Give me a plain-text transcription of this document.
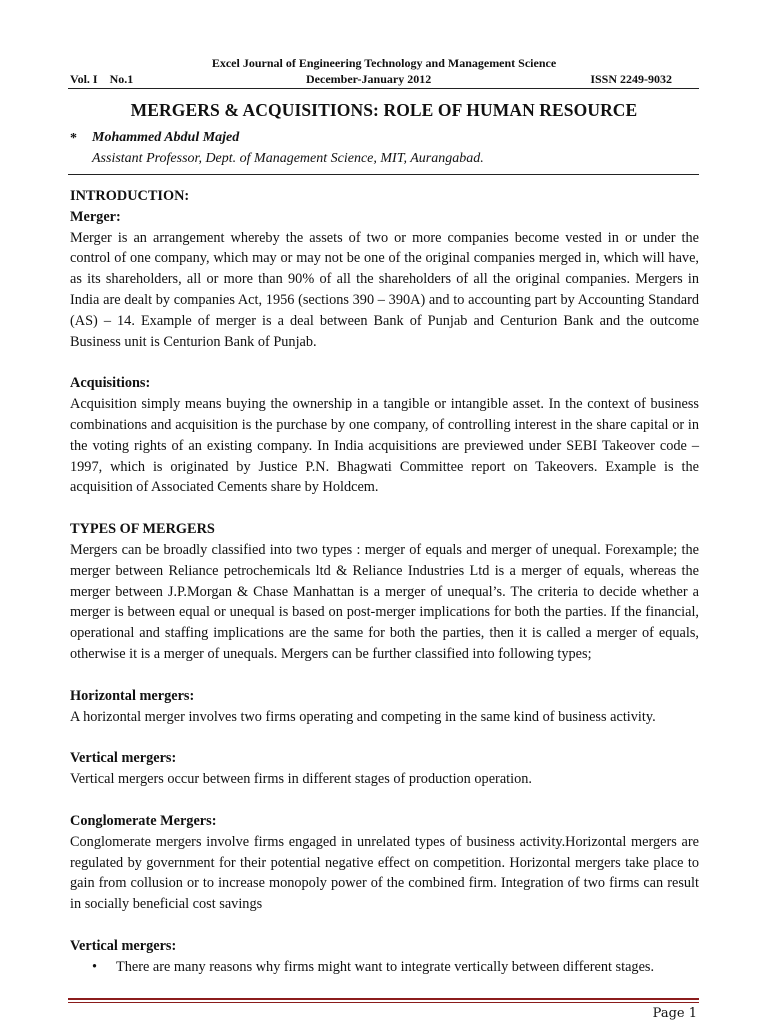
Excel Journal of Engineering Technology and Management Science
Vol. I    No.1	December-January 2012	ISSN 2249-9032
MERGERS & ACQUISITIONS: ROLE OF HUMAN RESOURCE
* Mohammed Abdul Majed
Assistant Professor, Dept. of Management Science, MIT, Aurangabad.

INTRODUCTION:

Merger:

Merger is an arrangement whereby the assets of two or more companies become vested in or under the control of one company, which may or may not be one of the original companies merged in, which will have, as its shareholders, all or more than 90% of all the shareholders of all the original companies. Mergers in India are dealt by companies Act, 1956 (sections 390 – 390A) and to accounting part by Accounting Standard (AS) – 14. Example of merger is a deal between Bank of Punjab and Centurion Bank and the outcome Business unit is Centurion Bank of Punjab.

Acquisitions:

Acquisition simply means buying the ownership in a tangible or intangible asset. In the context of business combinations and acquisition is the purchase by one company, of controlling interest in the share capital or in the voting rights of an existing company. In India acquisitions are previewed under SEBI Takeover code – 1997, which is originated by Justice P.N. Bhagwati Committee report on Takeovers. Example is the acquisition of Associated Cements share by Holdcem.

TYPES OF MERGERS

Mergers can be broadly classified into two types : merger of equals and merger of unequal. Forexample; the merger between Reliance petrochemicals ltd & Reliance Industries Ltd is a merger of equals, whereas the merger between J.P.Morgan & Chase Manhattan is a merger of unequal’s. The criteria to decide whether a merger is between equal or unequal is based on post-merger implications for both the parties. If the financial, operational and staffing implications are the same for both the parties, then it is called a merger of equals, otherwise it is a merger of unequals. Mergers can be further classified into following types;

Horizontal mergers:

A horizontal merger involves two firms operating and competing in the same kind of business activity.

Vertical mergers:

Vertical mergers occur between firms in different stages of production operation.

Conglomerate Mergers:

Conglomerate mergers involve firms engaged in unrelated types of business activity.Horizontal mergers are regulated by government for their potential negative effect on competition. Horizontal mergers take place to gain from collusion or to increase monopoly power of the combined firm. Integration of two firms can result in socially beneficial cost savings

Vertical mergers:

• There are many reasons why firms might want to integrate vertically between different stages.
Page 1
